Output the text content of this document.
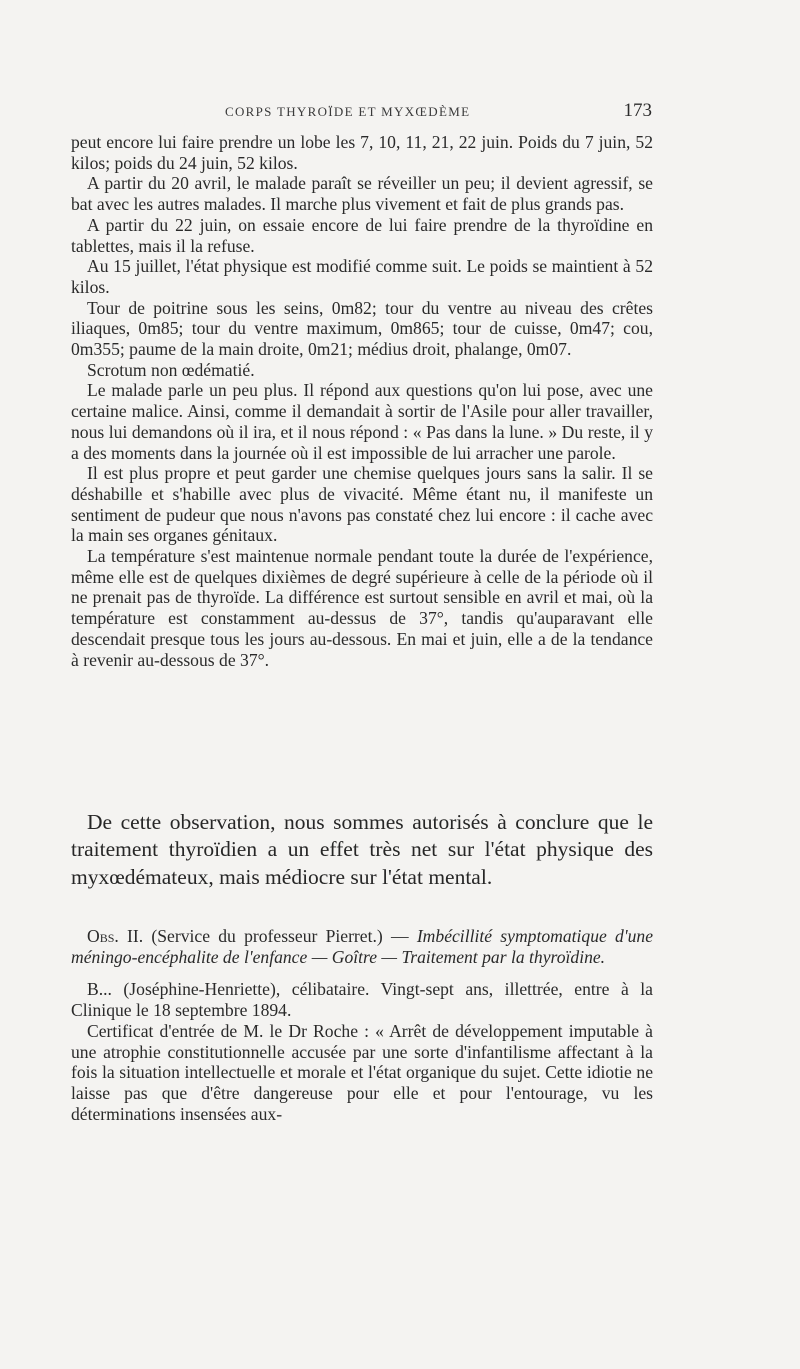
CORPS THYROÏDE ET MYXŒDÈME	173

peut encore lui faire prendre un lobe les 7, 10, 11, 21, 22 juin. Poids du 7 juin, 52 kilos; poids du 24 juin, 52 kilos.

A partir du 20 avril, le malade paraît se réveiller un peu; il devient agressif, se bat avec les autres malades. Il marche plus vivement et fait de plus grands pas.

A partir du 22 juin, on essaie encore de lui faire prendre de la thyroïdine en tablettes, mais il la refuse.

Au 15 juillet, l'état physique est modifié comme suit. Le poids se maintient à 52 kilos.

Tour de poitrine sous les seins, 0m82; tour du ventre au niveau des crêtes iliaques, 0m85; tour du ventre maximum, 0m865; tour de cuisse, 0m47; cou, 0m355; paume de la main droite, 0m21; médius droit, phalange, 0m07.

Scrotum non œdématié.

Le malade parle un peu plus. Il répond aux questions qu'on lui pose, avec une certaine malice. Ainsi, comme il demandait à sortir de l'Asile pour aller travailler, nous lui demandons où il ira, et il nous répond : « Pas dans la lune. » Du reste, il y a des moments dans la journée où il est impossible de lui arracher une parole.

Il est plus propre et peut garder une chemise quelques jours sans la salir. Il se déshabille et s'habille avec plus de vivacité. Même étant nu, il manifeste un sentiment de pudeur que nous n'avons pas constaté chez lui encore : il cache avec la main ses organes génitaux.

La température s'est maintenue normale pendant toute la durée de l'expérience, même elle est de quelques dixièmes de degré supérieure à celle de la période où il ne prenait pas de thyroïde. La différence est surtout sensible en avril et mai, où la température est constamment au-dessus de 37°, tandis qu'auparavant elle descendait presque tous les jours au-dessous. En mai et juin, elle a de la tendance à revenir au-dessous de 37°.

De cette observation, nous sommes autorisés à conclure que le traitement thyroïdien a un effet très net sur l'état physique des myxœdémateux, mais médiocre sur l'état mental.

Obs. II. (Service du professeur Pierret.) — Imbécillité symptomatique d'une méningo-encéphalite de l'enfance — Goître — Traitement par la thyroïdine.

B... (Joséphine-Henriette), célibataire. Vingt-sept ans, illettrée, entre à la Clinique le 18 septembre 1894.

Certificat d'entrée de M. le Dr Roche : « Arrêt de développement imputable à une atrophie constitutionnelle accusée par une sorte d'infantilisme affectant à la fois la situation intellectuelle et morale et l'état organique du sujet. Cette idiotie ne laisse pas que d'être dangereuse pour elle et pour l'entourage, vu les déterminations insensées aux-
